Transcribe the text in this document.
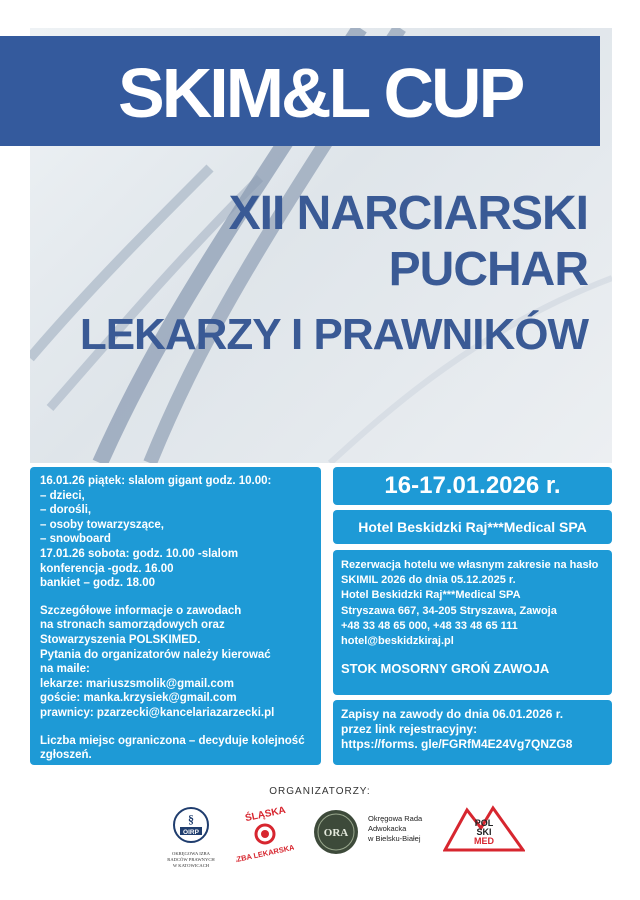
SKIM&L CUP
XII NARCIARSKI
PUCHAR
LEKARZY I PRAWNIKÓW

16.01.26 piątek: slalom gigant godz. 10.00:

– dzieci,

– dorośli,

– osoby towarzyszące,

– snowboard

17.01.26 sobota: godz. 10.00 -slalom

konferencja -godz. 16.00

bankiet – godz. 18.00

Szczegółowe informacje o zawodach

na stronach samorządowych oraz

Stowarzyszenia POLSKIMED.

Pytania do organizatorów należy kierować

na maile:

lekarze: mariuszsmolik@gmail.com

goście: manka.krzysiek@gmail.com

prawnicy: pzarzecki@kancelariazarzecki.pl

Liczba miejsc ograniczona – decyduje kolejność

zgłoszeń.

16-17.01.2026 r.
Hotel Beskidzki Raj***Medical SPA

Rezerwacja hotelu we własnym zakresie na hasło

SKIMIL 2026 do dnia 05.12.2025 r.

Hotel Beskidzki Raj***Medical SPA

Stryszawa 667, 34-205 Stryszawa, Zawoja

+48 33 48 65 000, +48 33 48 65 111

hotel@beskidzkiraj.pl

STOK MOSORNY GROŃ ZAWOJA

Zapisy na zawody do dnia 06.01.2026 r.

przez link rejestracyjny:

https://forms. gle/FGRfM4E24Vg7QNZG8

ORGANIZATORZY:
§
OIRP
OKRĘGOWA IZBA
RADCÓW PRAWNYCH
W KATOWICACH
ŚLĄSKA
IZBA LEKARSKA
ORA
Okręgowa Rada
Adwokacka
w Bielsku-Białej
POL
SKI
MED
